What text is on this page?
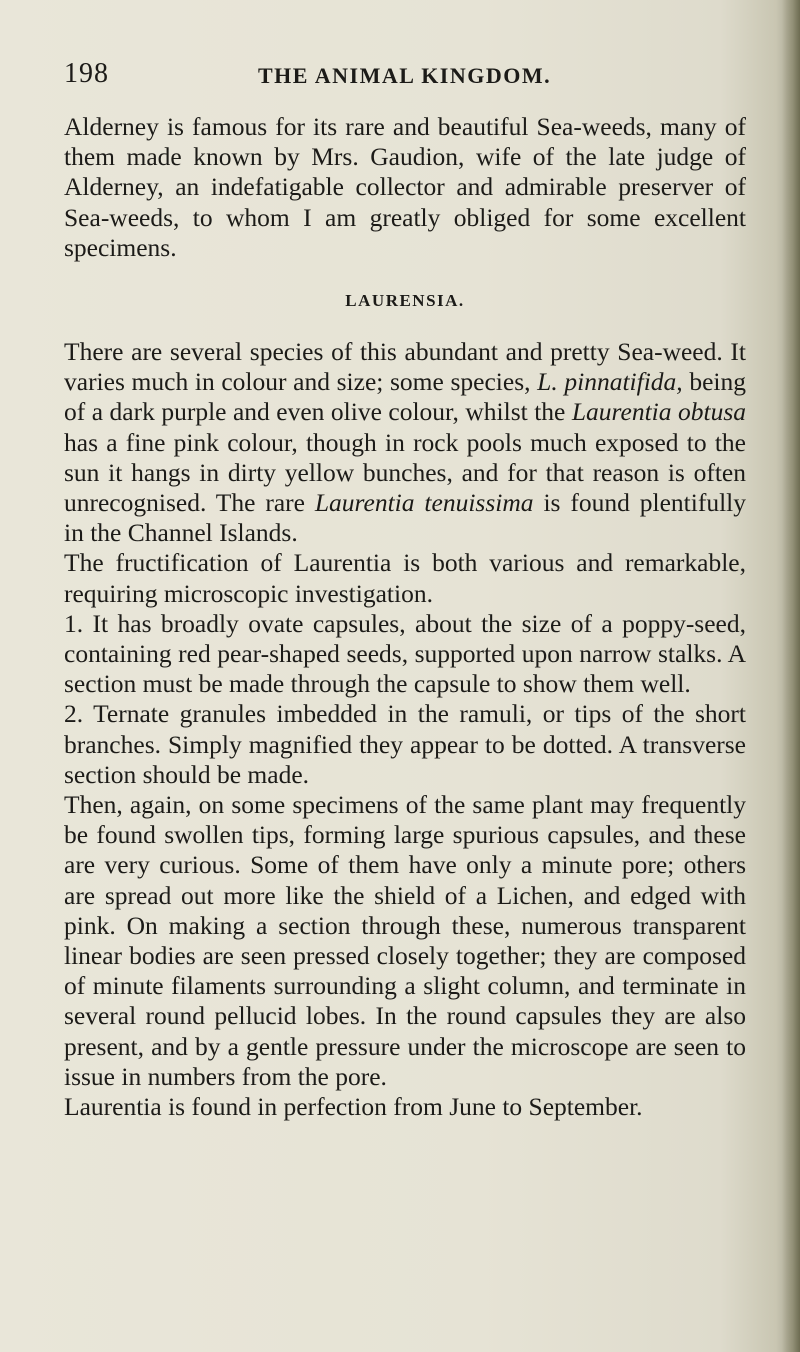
198	THE ANIMAL KINGDOM.

Alderney is famous for its rare and beautiful Sea-weeds, many of them made known by Mrs. Gaudion, wife of the late judge of Alderney, an indefatigable collector and admirable preserver of Sea-weeds, to whom I am greatly obliged for some excellent specimens.

LAURENSIA.

There are several species of this abundant and pretty Sea-weed. It varies much in colour and size; some species, L. pinnatifida, being of a dark purple and even olive colour, whilst the Laurentia obtusa has a fine pink colour, though in rock pools much exposed to the sun it hangs in dirty yellow bunches, and for that reason is often unrecognised. The rare Laurentia tenuissima is found plentifully in the Channel Islands.

The fructification of Laurentia is both various and remarkable, requiring microscopic investigation.

1. It has broadly ovate capsules, about the size of a poppy-seed, containing red pear-shaped seeds, supported upon narrow stalks. A section must be made through the capsule to show them well.

2. Ternate granules imbedded in the ramuli, or tips of the short branches. Simply magnified they appear to be dotted. A transverse section should be made.

Then, again, on some specimens of the same plant may frequently be found swollen tips, forming large spurious capsules, and these are very curious. Some of them have only a minute pore; others are spread out more like the shield of a Lichen, and edged with pink. On making a section through these, numerous transparent linear bodies are seen pressed closely together; they are composed of minute filaments surrounding a slight column, and terminate in several round pellucid lobes. In the round capsules they are also present, and by a gentle pressure under the microscope are seen to issue in numbers from the pore.

Laurentia is found in perfection from June to September.
